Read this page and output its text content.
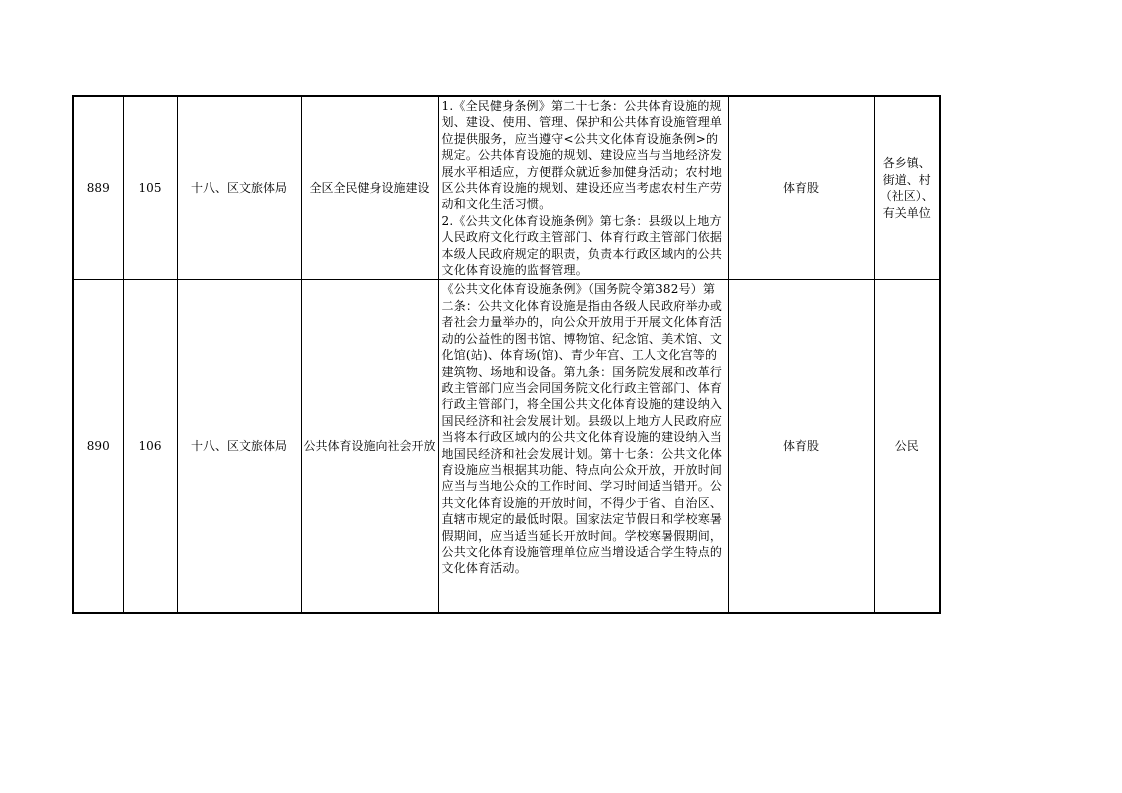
889	105	十八、区文旅体局	全区全民健身设施建设	1.《全民健身条例》第二十七条：公共体育设施的规划、建设、使用、管理、保护和公共体育设施管理单位提供服务，应当遵守<公共文化体育设施条例>的规定。公共体育设施的规划、建设应当与当地经济发展水平相适应，方便群众就近参加健身活动；农村地区公共体育设施的规划、建设还应当考虑农村生产劳动和文化生活习惯。
2.《公共文化体育设施条例》第七条：县级以上地方人民政府文化行政主管部门、体育行政主管部门依据本级人民政府规定的职责，负责本行政区域内的公共文化体育设施的监督管理。	体育股	各乡镇、街道、村（社区）、有关单位
890	106	十八、区文旅体局	公共体育设施向社会开放	《公共文化体育设施条例》（国务院令第382号）第二条：公共文化体育设施是指由各级人民政府举办或者社会力量举办的，向公众开放用于开展文化体育活动的公益性的图书馆、博物馆、纪念馆、美术馆、文化馆(站)、体育场(馆)、青少年宫、工人文化宫等的建筑物、场地和设备。第九条：国务院发展和改革行政主管部门应当会同国务院文化行政主管部门、体育行政主管部门，将全国公共文化体育设施的建设纳入国民经济和社会发展计划。县级以上地方人民政府应当将本行政区域内的公共文化体育设施的建设纳入当地国民经济和社会发展计划。第十七条：公共文化体育设施应当根据其功能、特点向公众开放，开放时间应当与当地公众的工作时间、学习时间适当错开。公共文化体育设施的开放时间，不得少于省、自治区、直辖市规定的最低时限。国家法定节假日和学校寒暑假期间，应当适当延长开放时间。学校寒暑假期间，公共文化体育设施管理单位应当增设适合学生特点的文化体育活动。	体育股	公民
